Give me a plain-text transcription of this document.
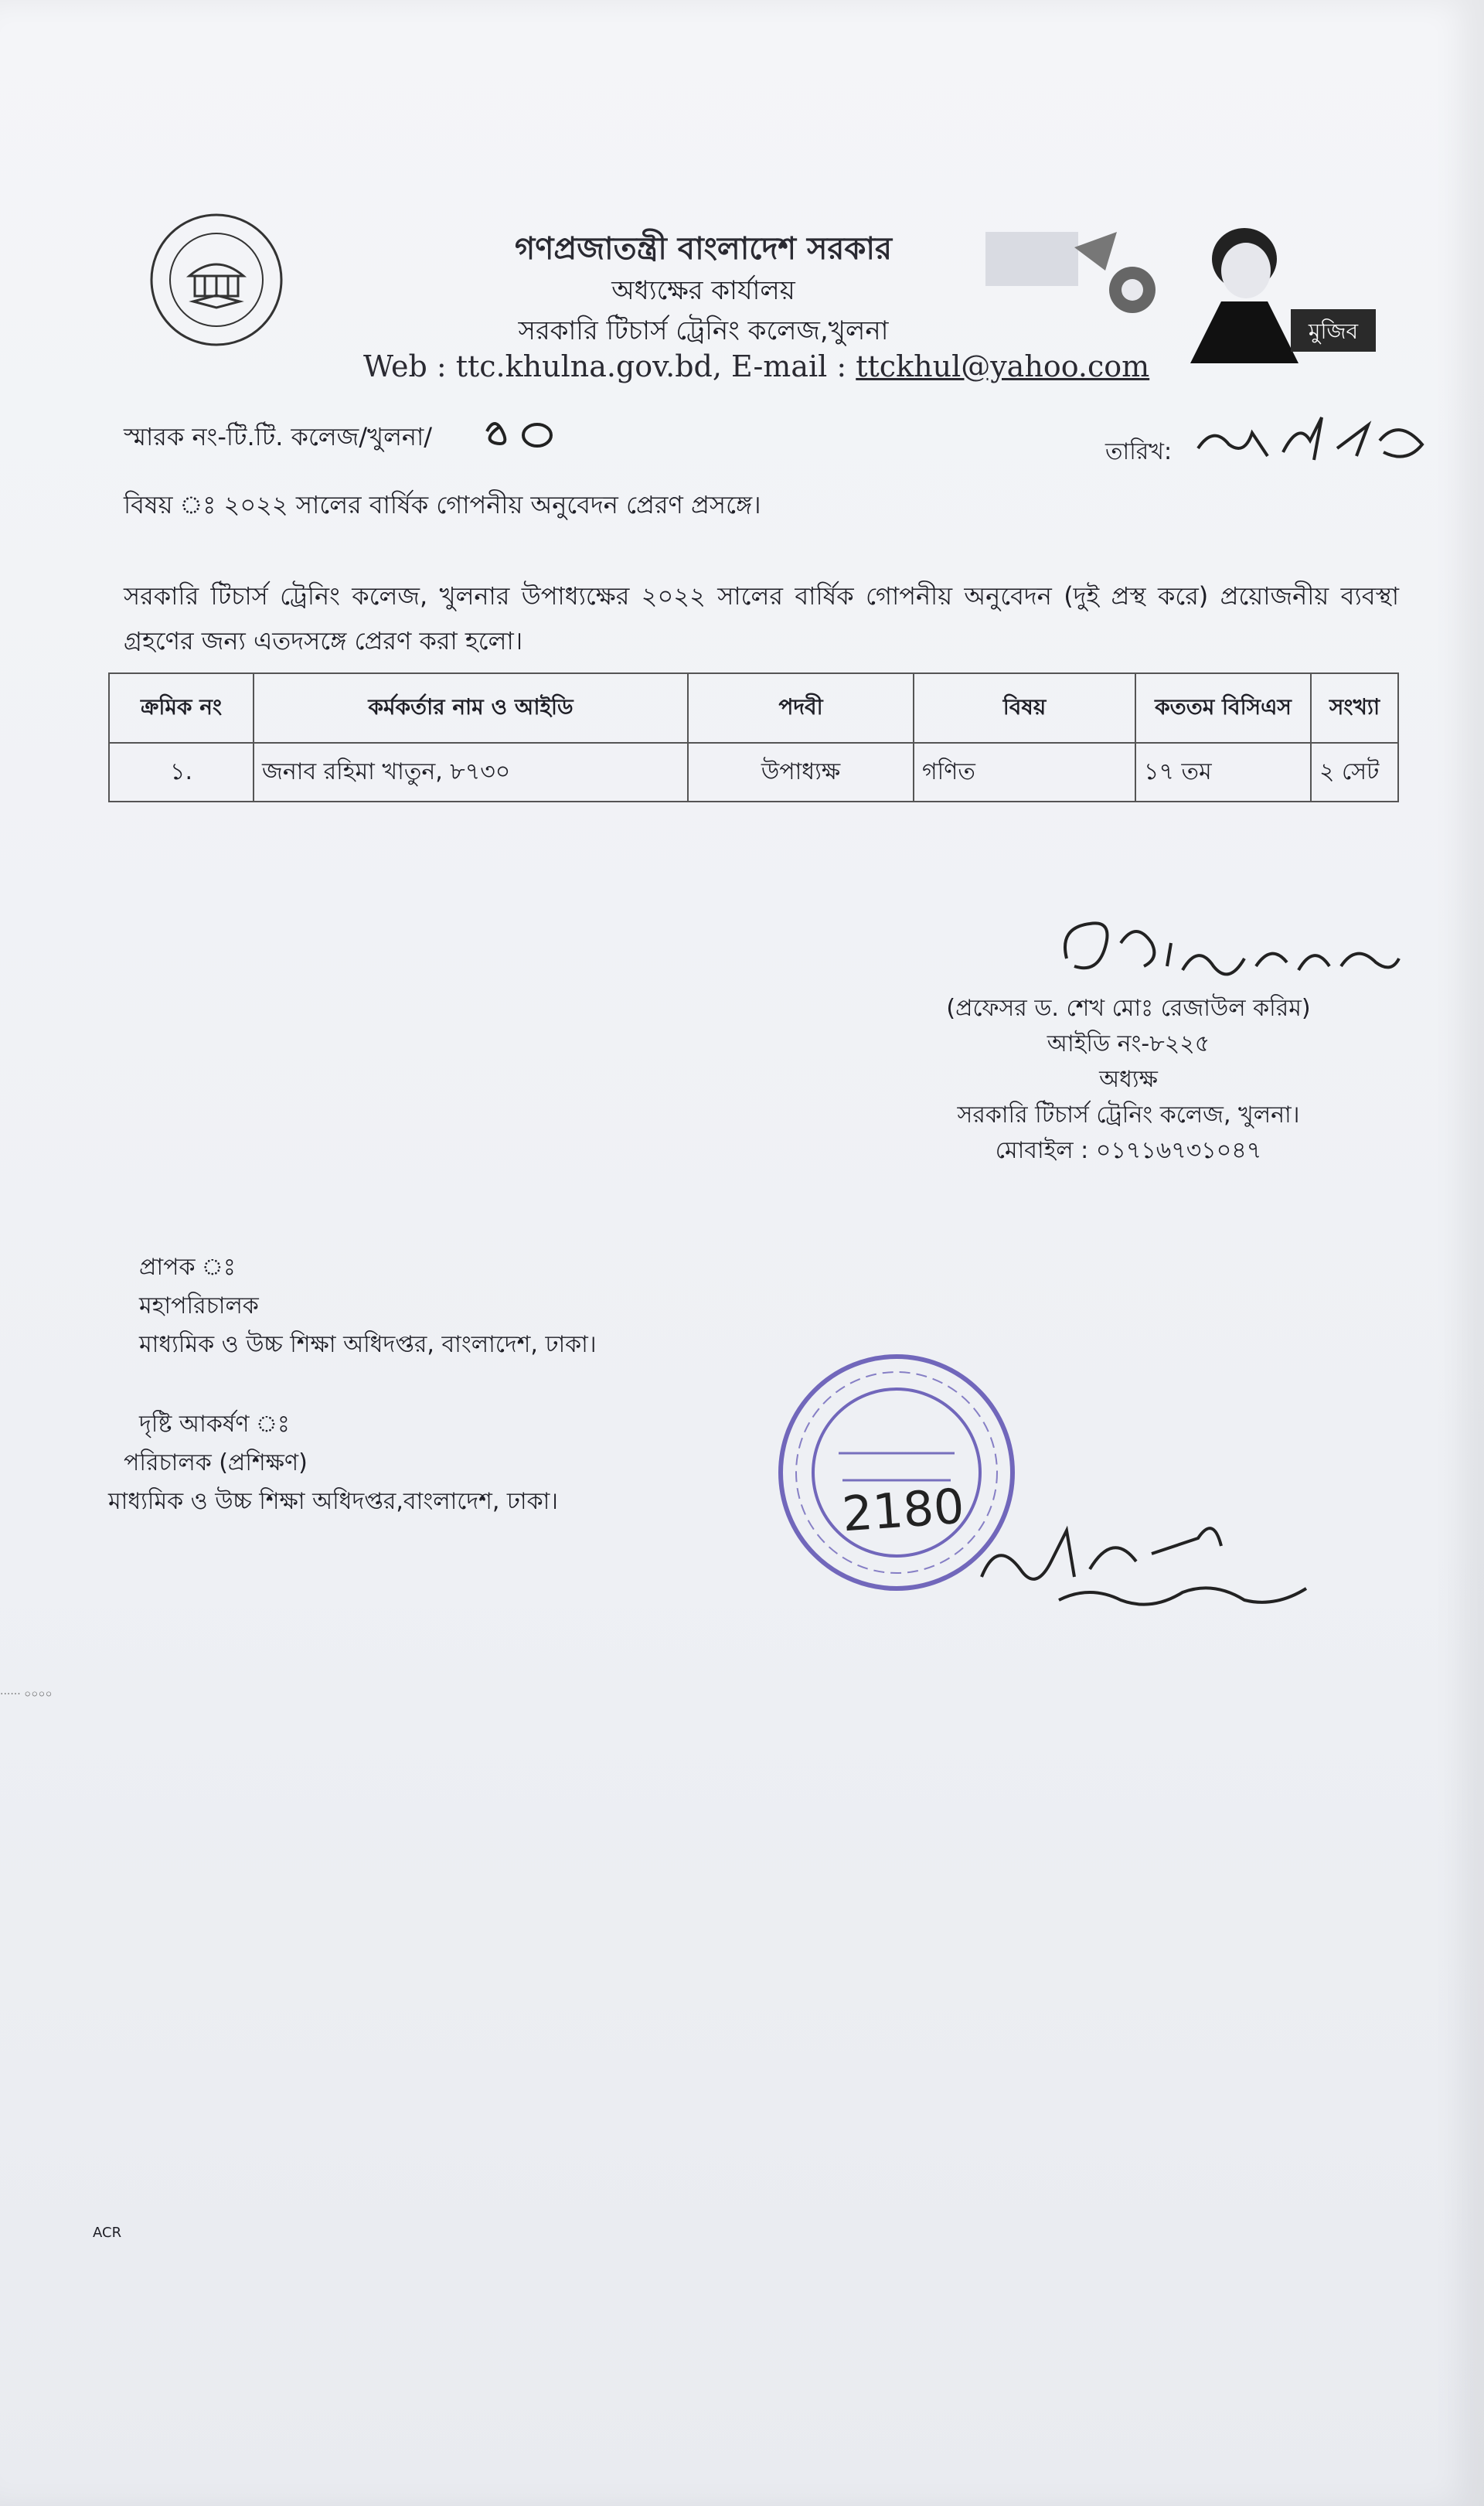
গণপ্রজাতন্ত্রী বাংলাদেশ সরকার
অধ্যক্ষের কার্যালয়
সরকারি টিচার্স ট্রেনিং কলেজ,খুলনা
Web : ttc.khulna.gov.bd, E-mail : ttckhul@yahoo.com
মুজিব
স্মারক নং-টি.টি. কলেজ/খুলনা/
তারিখ:
বিষয় ঃ ২০২২ সালের বার্ষিক গোপনীয় অনুবেদন প্রেরণ প্রসঙ্গে।
সরকারি টিচার্স ট্রেনিং কলেজ, খুলনার উপাধ্যক্ষের ২০২২ সালের বার্ষিক গোপনীয় অনুবেদন (দুই প্রস্থ করে) প্রয়োজনীয় ব্যবস্থা গ্রহণের জন্য এতদসঙ্গে প্রেরণ করা হলো।
ক্রমিক নং	কর্মকর্তার নাম ও আইডি	পদবী	বিষয়	কততম বিসিএস	সংখ্যা
১.	জনাব রহিমা খাতুন, ৮৭৩০	উপাধ্যক্ষ	গণিত	১৭ তম	২ সেট
(প্রফেসর ড. শেখ মোঃ রেজাউল করিম)
আইডি নং-৮২২৫
অধ্যক্ষ
সরকারি টিচার্স ট্রেনিং কলেজ, খুলনা।
মোবাইল : ০১৭১৬৭৩১০৪৭
প্রাপক ঃ
মহাপরিচালক
মাধ্যমিক ও উচ্চ শিক্ষা অধিদপ্তর, বাংলাদেশ, ঢাকা।
দৃষ্টি আকর্ষণ ঃ
পরিচালক (প্রশিক্ষণ)
মাধ্যমিক ও উচ্চ শিক্ষা অধিদপ্তর,বাংলাদেশ, ঢাকা।	2180
······ ০০০০
ACR
